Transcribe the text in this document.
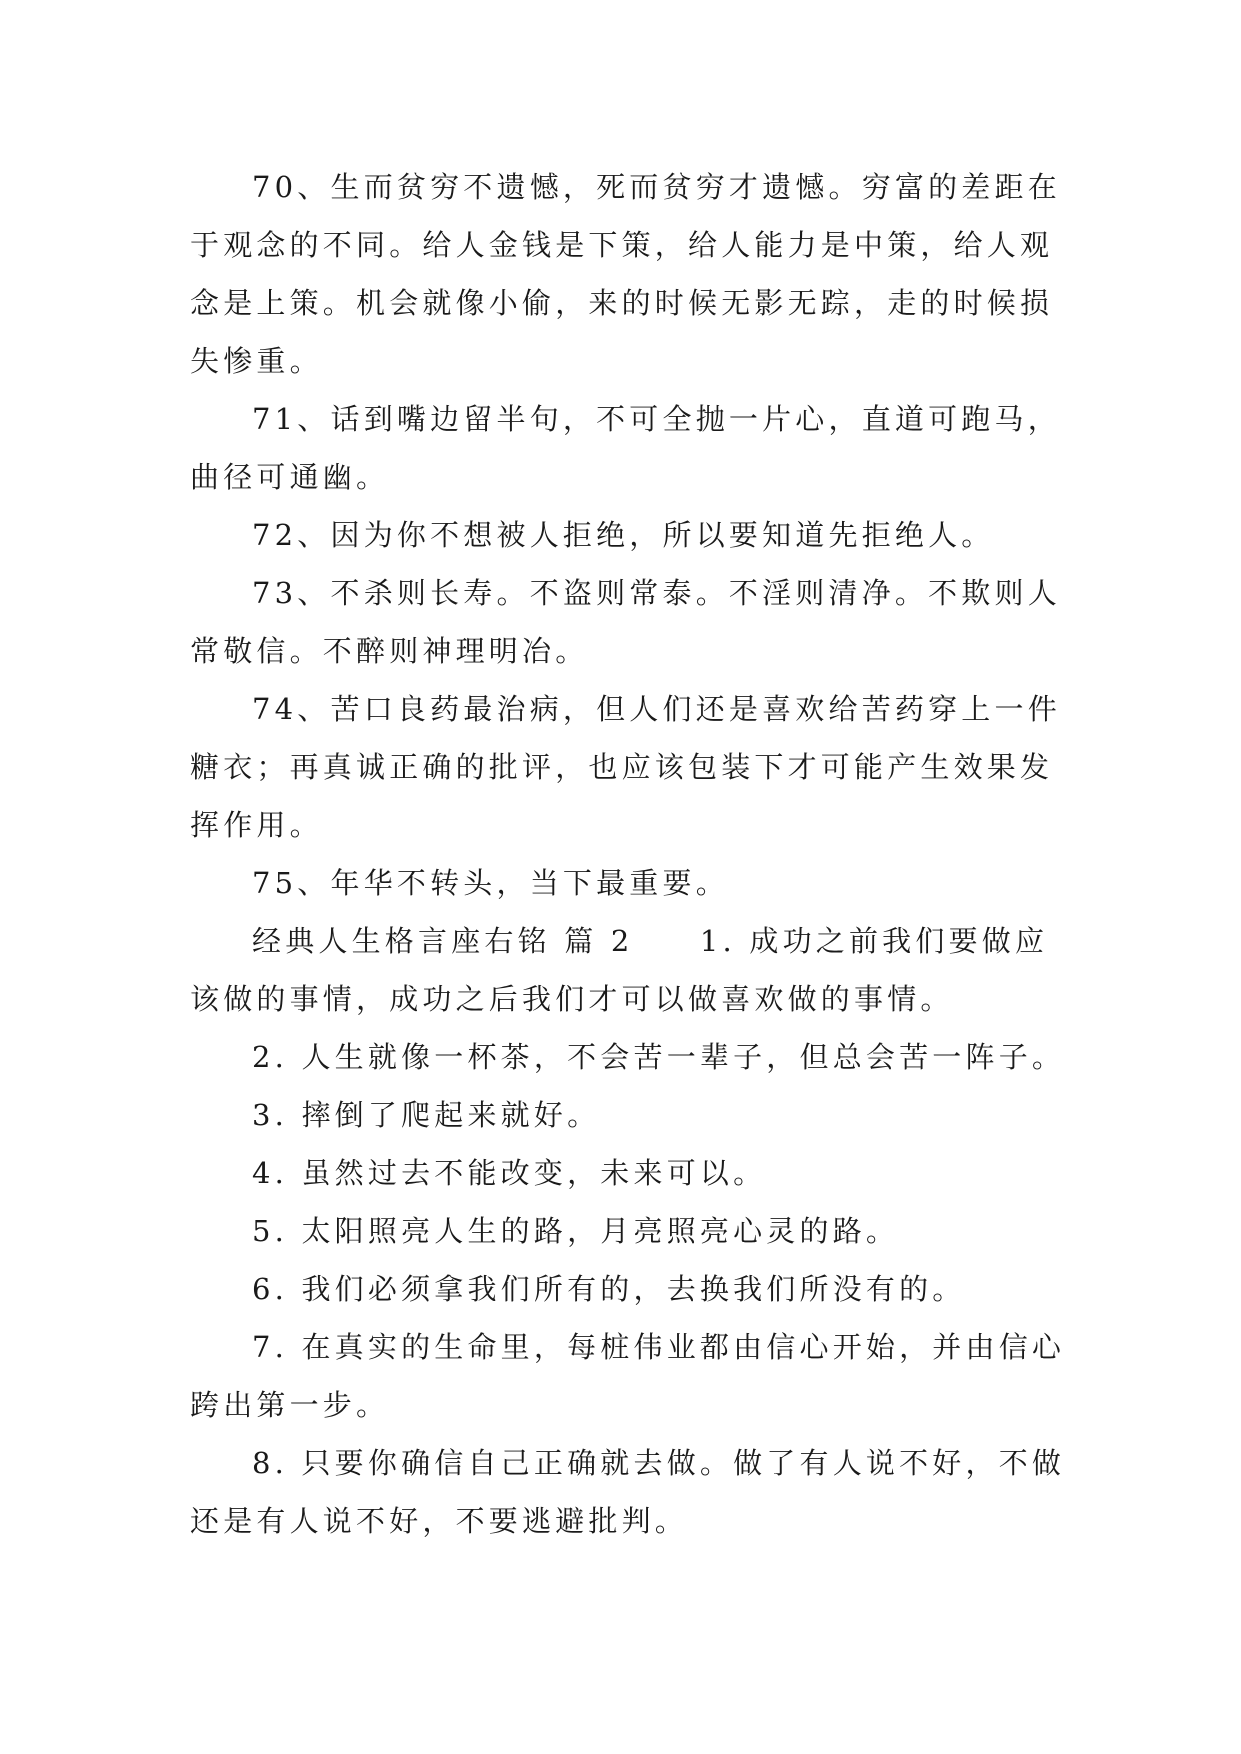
70、生而贫穷不遗憾，死而贫穷才遗憾。穷富的差距在于观念的不同。给人金钱是下策，给人能力是中策，给人观念是上策。机会就像小偷，来的时候无影无踪，走的时候损失惨重。

71、话到嘴边留半句，不可全抛一片心，直道可跑马，曲径可通幽。

72、因为你不想被人拒绝，所以要知道先拒绝人。

73、不杀则长寿。不盗则常泰。不淫则清净。不欺则人常敬信。不醉则神理明冶。

74、苦口良药最治病，但人们还是喜欢给苦药穿上一件糖衣；再真诚正确的批评，也应该包装下才可能产生效果发挥作用。

75、年华不转头，当下最重要。

经典人生格言座右铭 篇 2　　1. 成功之前我们要做应该做的事情，成功之后我们才可以做喜欢做的事情。

2. 人生就像一杯茶，不会苦一辈子，但总会苦一阵子。

3. 摔倒了爬起来就好。

4. 虽然过去不能改变，未来可以。

5. 太阳照亮人生的路，月亮照亮心灵的路。

6. 我们必须拿我们所有的，去换我们所没有的。

7. 在真实的生命里，每桩伟业都由信心开始，并由信心跨出第一步。

8. 只要你确信自己正确就去做。做了有人说不好，不做还是有人说不好，不要逃避批判。
